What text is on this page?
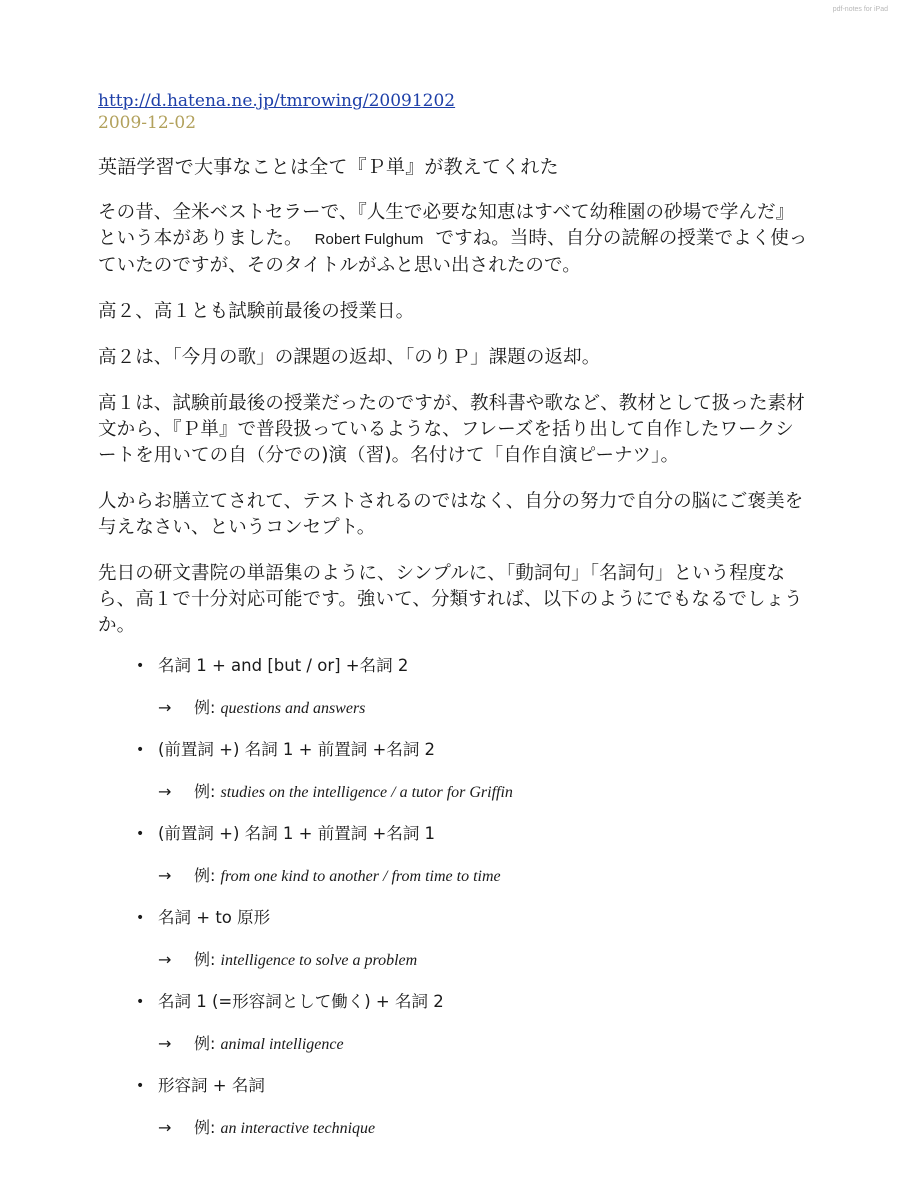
pdf-notes for iPad
http://d.hatena.ne.jp/tmrowing/20091202
2009-12-02
英語学習で大事なことは全て『Ｐ単』が教えてくれた
その昔、全米ベストセラーで、『人生で必要な知恵はすべて幼稚園の砂場で学んだ』という本がありました。 Robert Fulghum ですね。当時、自分の読解の授業でよく使っていたのですが、そのタイトルがふと思い出されたので。
高２、高１とも試験前最後の授業日。
高２は、「今月の歌」の課題の返却、「のりＰ」課題の返却。
高１は、試験前最後の授業だったのですが、教科書や歌など、教材として扱った素材文から、『Ｐ単』で普段扱っているような、フレーズを括り出して自作したワークシートを用いての自（分での)演（習)。名付けて「自作自演ピーナツ」。
人からお膳立てされて、テストされるのではなく、自分の努力で自分の脳にご褒美を与えなさい、というコンセプト。
先日の研文書院の単語集のように、シンプルに、「動詞句」「名詞句」という程度なら、高１で十分対応可能です。強いて、分類すれば、以下のようにでもなるでしょうか。
• 名詞 1 + and [but / or] +名詞 2
→ 例: questions and answers
• (前置詞 +) 名詞 1 + 前置詞 +名詞 2
→ 例: studies on the intelligence / a tutor for Griffin
• (前置詞 +) 名詞 1 + 前置詞 +名詞 1
→ 例: from one kind to another / from time to time
• 名詞 + to 原形
→ 例: intelligence to solve a problem
• 名詞 1 (=形容詞として働く) + 名詞 2
→ 例: animal intelligence
• 形容詞 + 名詞
→ 例: an interactive technique
